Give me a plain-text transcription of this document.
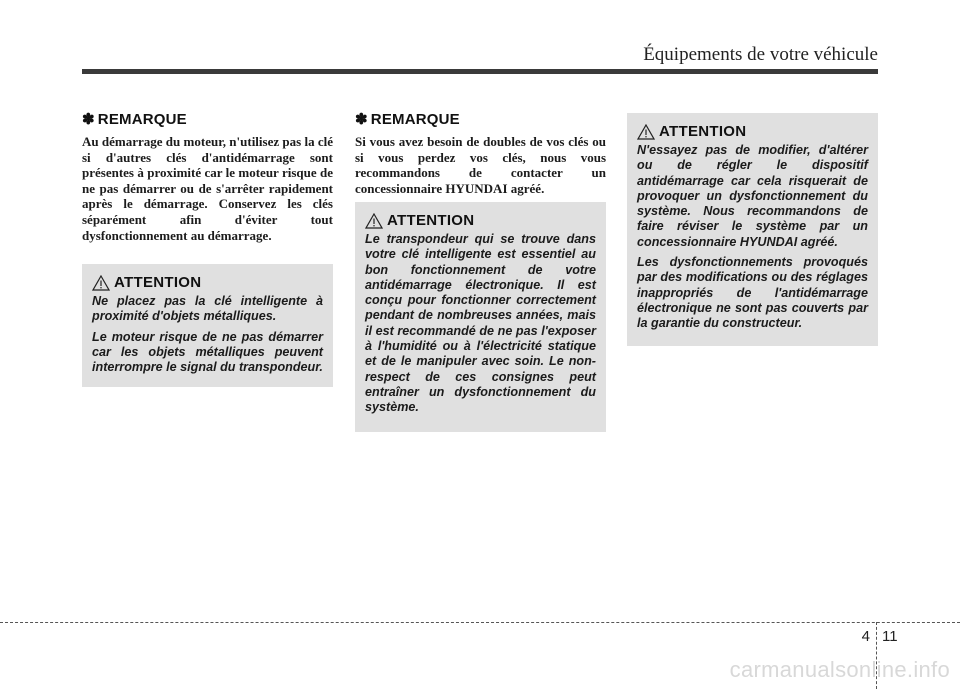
Équipements de votre véhicule
✽ REMARQUE

Au démarrage du moteur, n'utilisez pas la clé si d'autres clés d'antidémarrage sont présentes à proximité car le moteur risque de ne pas démarrer ou de s'arrêter rapidement après le démarrage. Conservez les clés séparément afin d'éviter tout dysfonctionnement au démarrage.

ATTENTION

Ne placez pas la clé intelligente à proximité d'objets métalliques.

Le moteur risque de ne pas démarrer car les objets métalliques peuvent interrompre le signal du transpondeur.

✽ REMARQUE

Si vous avez besoin de doubles de vos clés ou si vous perdez vos clés, nous vous recommandons de contacter un concessionnaire HYUNDAI agréé.

ATTENTION

Le transpondeur qui se trouve dans votre clé intelligente est essentiel au bon fonctionnement de votre antidémarrage électronique. Il est conçu pour fonctionner correctement pendant de nombreuses années, mais il est recommandé de ne pas l'exposer à l'humidité ou à l'électricité statique et de le manipuler avec soin. Le non-respect de ces consignes peut entraîner un dysfonctionnement du système.

ATTENTION

N'essayez pas de modifier, d'altérer ou de régler le dispositif antidémarrage car cela risquerait de provoquer un dysfonctionnement du système. Nous recommandons de faire réviser le système par un concessionnaire HYUNDAI agréé.

Les dysfonctionnements provoqués par des modifications ou des réglages inappropriés de l'antidémarrage électronique ne sont pas couverts par la garantie du constructeur.

4 11
carmanualsonline.info
